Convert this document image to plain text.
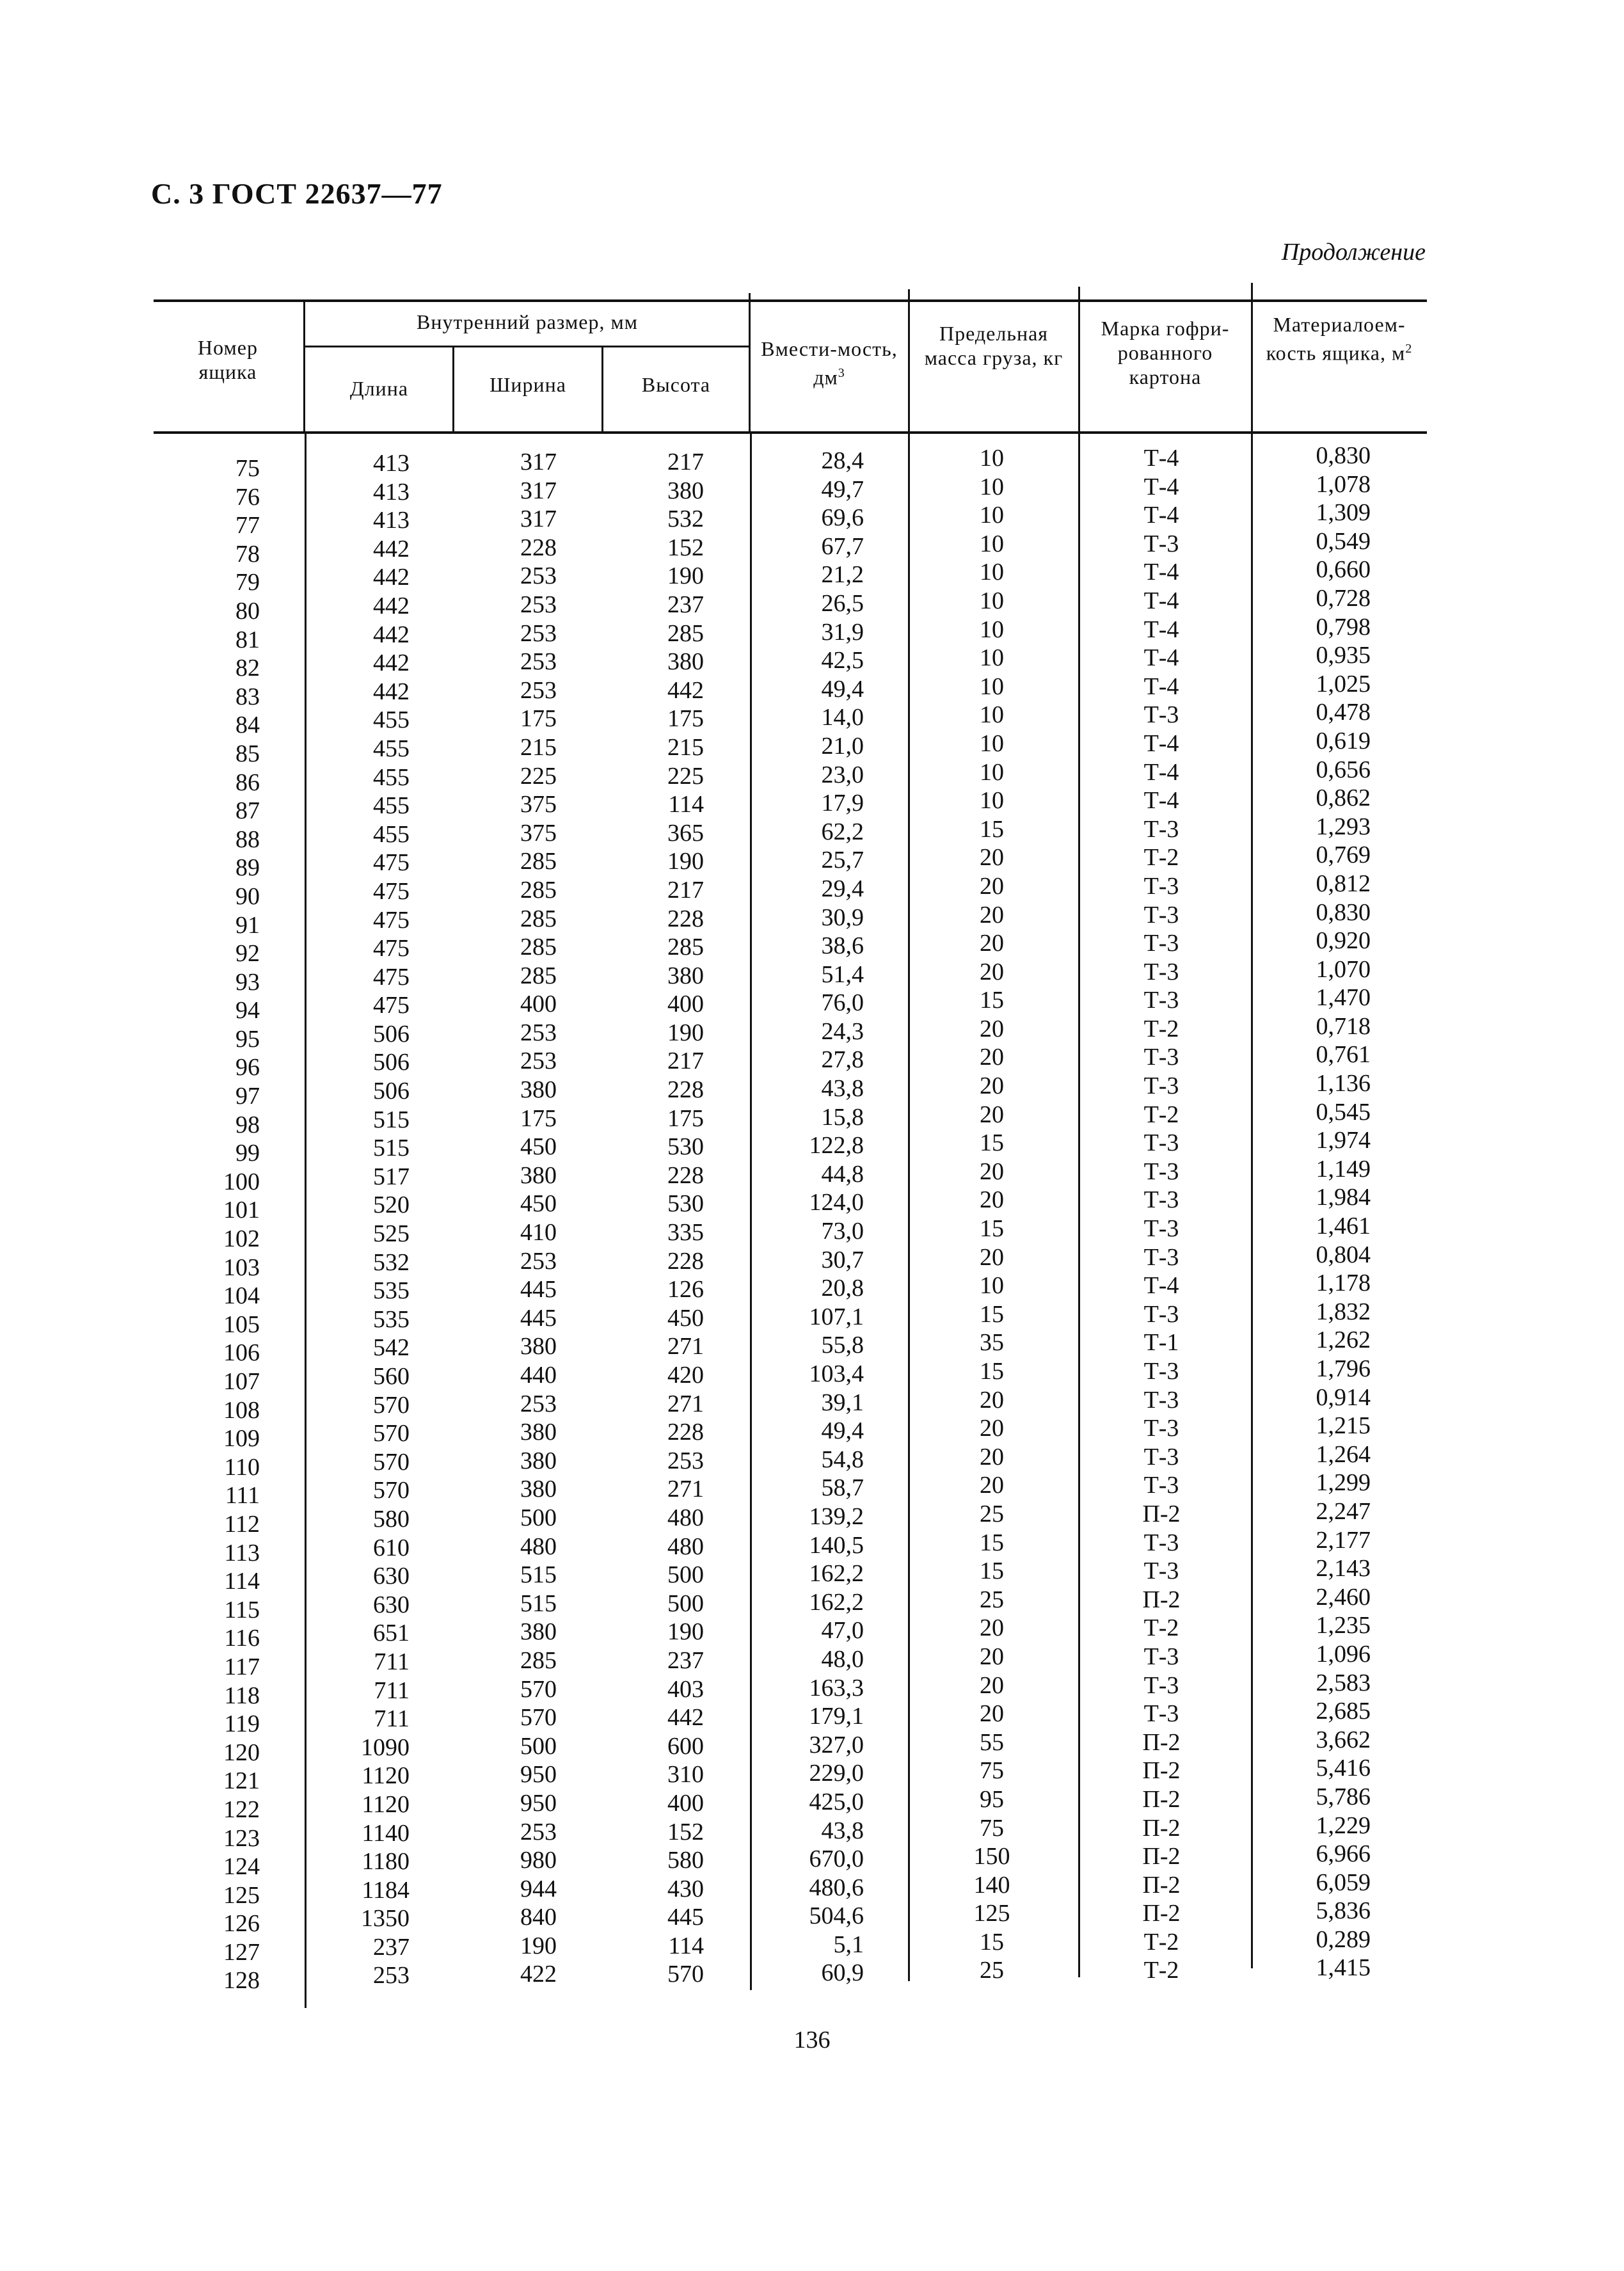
С. 3 ГОСТ 22637—77
Продолжение
Номер ящика
Внутренний размер, мм
Длина	Ширина	Высота
Вмести-мость, $дм^3$
Предельная масса груза, кг
Марка гофри-рованного картона
Материалоем-кость ящика, $м^2$
75
76
77
78
79
80
81
82
83
84
85
86
87
88
89
90
91
92
93
94
95
96
97
98
99
100
101
102
103
104
105
106
107
108
109
110
111
112
113
114
115
116
117
118
119
120
121
122
123
124
125
126
127
128
413
413
413
442
442
442
442
442
442
455
455
455
455
455
475
475
475
475
475
475
506
506
506
515
515
517
520
525
532
535
535
542
560
570
570
570
570
580
610
630
630
651
711
711
711
1090
1120
1120
1140
1180
1184
1350
237
253
317
317
317
228
253
253
253
253
253
175
215
225
375
375
285
285
285
285
285
400
253
253
380
175
450
380
450
410
253
445
445
380
440
253
380
380
380
500
480
515
515
380
285
570
570
500
950
950
253
980
944
840
190
422
217
380
532
152
190
237
285
380
442
175
215
225
114
365
190
217
228
285
380
400
190
217
228
175
530
228
530
335
228
126
450
271
420
271
228
253
271
480
480
500
500
190
237
403
442
600
310
400
152
580
430
445
114
570
28,4
49,7
69,6
67,7
21,2
26,5
31,9
42,5
49,4
14,0
21,0
23,0
17,9
62,2
25,7
29,4
30,9
38,6
51,4
76,0
24,3
27,8
43,8
15,8
122,8
44,8
124,0
73,0
30,7
20,8
107,1
55,8
103,4
39,1
49,4
54,8
58,7
139,2
140,5
162,2
162,2
47,0
48,0
163,3
179,1
327,0
229,0
425,0
43,8
670,0
480,6
504,6
5,1
60,9
10
10
10
10
10
10
10
10
10
10
10
10
10
15
20
20
20
20
20
15
20
20
20
20
15
20
20
15
20
10
15
35
15
20
20
20
20
25
15
15
25
20
20
20
20
55
75
95
75
150
140
125
15
25
Т-4
Т-4
Т-4
Т-3
Т-4
Т-4
Т-4
Т-4
Т-4
Т-3
Т-4
Т-4
Т-4
Т-3
Т-2
Т-3
Т-3
Т-3
Т-3
Т-3
Т-2
Т-3
Т-3
Т-2
Т-3
Т-3
Т-3
Т-3
Т-3
Т-4
Т-3
Т-1
Т-3
Т-3
Т-3
Т-3
Т-3
П-2
Т-3
Т-3
П-2
Т-2
Т-3
Т-3
Т-3
П-2
П-2
П-2
П-2
П-2
П-2
П-2
Т-2
Т-2
0,830
1,078
1,309
0,549
0,660
0,728
0,798
0,935
1,025
0,478
0,619
0,656
0,862
1,293
0,769
0,812
0,830
0,920
1,070
1,470
0,718
0,761
1,136
0,545
1,974
1,149
1,984
1,461
0,804
1,178
1,832
1,262
1,796
0,914
1,215
1,264
1,299
2,247
2,177
2,143
2,460
1,235
1,096
2,583
2,685
3,662
5,416
5,786
1,229
6,966
6,059
5,836
0,289
1,415
136
